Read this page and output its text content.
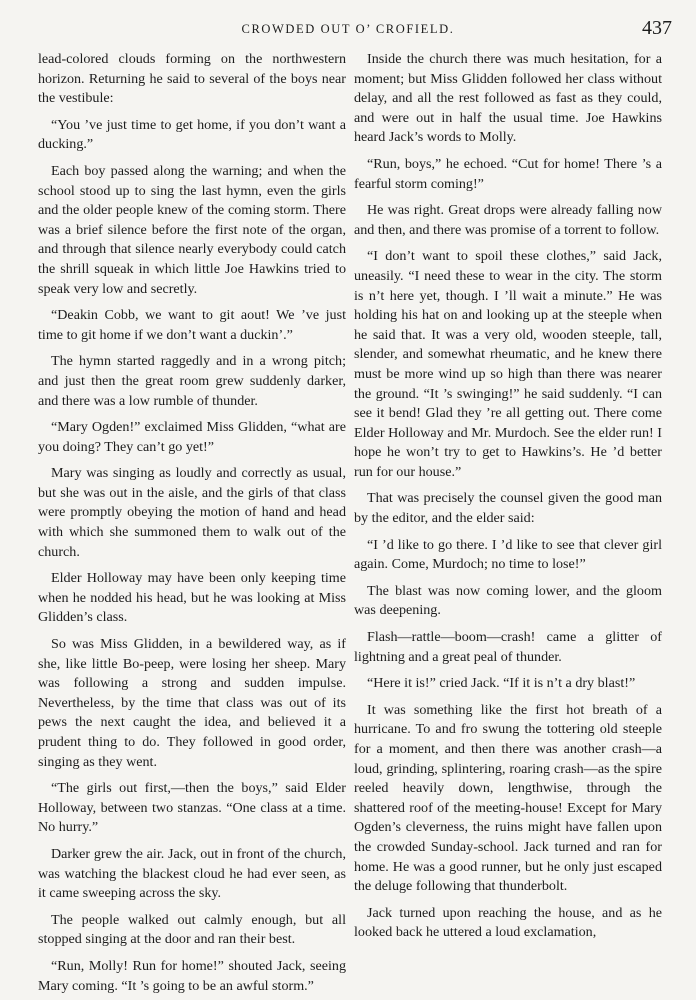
CROWDED OUT O’ CROFIELD.	437

lead-colored clouds forming on the northwestern horizon. Returning he said to several of the boys near the vestibule:

“You ’ve just time to get home, if you don’t want a ducking.”

Each boy passed along the warning; and when the school stood up to sing the last hymn, even the girls and the older people knew of the coming storm. There was a brief silence before the first note of the organ, and through that silence nearly everybody could catch the shrill squeak in which little Joe Hawkins tried to speak very low and secretly.

“Deakin Cobb, we want to git aout! We ’ve just time to git home if we don’t want a duckin’.”

The hymn started raggedly and in a wrong pitch; and just then the great room grew suddenly darker, and there was a low rumble of thunder.

“Mary Ogden!” exclaimed Miss Glidden, “what are you doing? They can’t go yet!”

Mary was singing as loudly and correctly as usual, but she was out in the aisle, and the girls of that class were promptly obeying the motion of hand and head with which she summoned them to walk out of the church.

Elder Holloway may have been only keeping time when he nodded his head, but he was looking at Miss Glidden’s class.

So was Miss Glidden, in a bewildered way, as if she, like little Bo-peep, were losing her sheep. Mary was following a strong and sudden impulse. Nevertheless, by the time that class was out of its pews the next caught the idea, and believed it a prudent thing to do. They followed in good order, singing as they went.

“The girls out first,—then the boys,” said Elder Holloway, between two stanzas. “One class at a time. No hurry.”

Darker grew the air. Jack, out in front of the church, was watching the blackest cloud he had ever seen, as it came sweeping across the sky.

The people walked out calmly enough, but all stopped singing at the door and ran their best.

“Run, Molly! Run for home!” shouted Jack, seeing Mary coming. “It ’s going to be an awful storm.”

Inside the church there was much hesitation, for a moment; but Miss Glidden followed her class without delay, and all the rest followed as fast as they could, and were out in half the usual time. Joe Hawkins heard Jack’s words to Molly.

“Run, boys,” he echoed. “Cut for home! There ’s a fearful storm coming!”

He was right. Great drops were already falling now and then, and there was promise of a torrent to follow.

“I don’t want to spoil these clothes,” said Jack, uneasily. “I need these to wear in the city. The storm is n’t here yet, though. I ’ll wait a minute.” He was holding his hat on and looking up at the steeple when he said that. It was a very old, wooden steeple, tall, slender, and somewhat rheumatic, and he knew there must be more wind up so high than there was nearer the ground. “It ’s swinging!” he said suddenly. “I can see it bend! Glad they ’re all getting out. There come Elder Holloway and Mr. Murdoch. See the elder run! I hope he won’t try to get to Hawkins’s. He ’d better run for our house.”

That was precisely the counsel given the good man by the editor, and the elder said:

“I ’d like to go there. I ’d like to see that clever girl again. Come, Murdoch; no time to lose!”

The blast was now coming lower, and the gloom was deepening.

Flash—rattle—boom—crash! came a glitter of lightning and a great peal of thunder.

“Here it is!” cried Jack. “If it is n’t a dry blast!”

It was something like the first hot breath of a hurricane. To and fro swung the tottering old steeple for a moment, and then there was another crash—a loud, grinding, splintering, roaring crash—as the spire reeled heavily down, lengthwise, through the shattered roof of the meeting-house! Except for Mary Ogden’s cleverness, the ruins might have fallen upon the crowded Sunday-school. Jack turned and ran for home. He was a good runner, but he only just escaped the deluge following that thunderbolt.

Jack turned upon reaching the house, and as he looked back he uttered a loud exclamation,
